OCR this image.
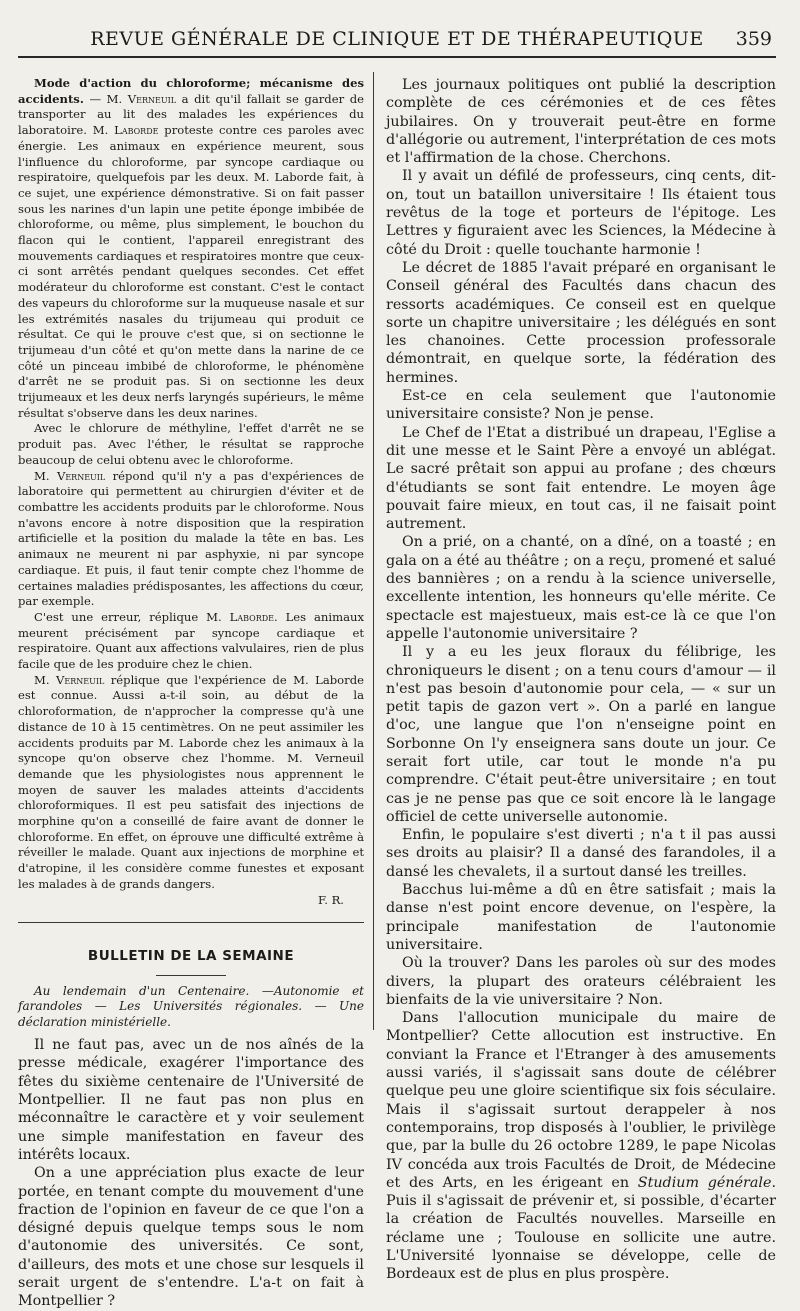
REVUE GÉNÉRALE DE CLINIQUE ET DE THÉRAPEUTIQUE	359

Mode d'action du chloroforme; mécanisme des accidents. — M. Verneuil a dit qu'il fallait se garder de transporter au lit des malades les expériences du laboratoire. M. Laborde proteste contre ces paroles avec énergie. Les animaux en expérience meurent, sous l'influence du chloroforme, par syncope cardiaque ou respiratoire, quelquefois par les deux. M. Laborde fait, à ce sujet, une expérience démonstrative. Si on fait passer sous les narines d'un lapin une petite éponge imbibée de chloroforme, ou même, plus simplement, le bouchon du flacon qui le contient, l'appareil enregistrant des mouvements cardiaques et respiratoires montre que ceux-ci sont arrêtés pendant quelques secondes. Cet effet modérateur du chloroforme est constant. C'est le contact des vapeurs du chloroforme sur la muqueuse nasale et sur les extrémités nasales du trijumeau qui produit ce résultat. Ce qui le prouve c'est que, si on sectionne le trijumeau d'un côté et qu'on mette dans la narine de ce côté un pinceau imbibé de chloroforme, le phénomène d'arrêt ne se produit pas. Si on sectionne les deux trijumeaux et les deux nerfs laryngés supérieurs, le même résultat s'observe dans les deux narines.

Avec le chlorure de méthyline, l'effet d'arrêt ne se produit pas. Avec l'éther, le résultat se rapproche beaucoup de celui obtenu avec le chloroforme.

M. Verneuil répond qu'il n'y a pas d'expériences de laboratoire qui permettent au chirurgien d'éviter et de combattre les accidents produits par le chloroforme. Nous n'avons encore à notre disposition que la respiration artificielle et la position du malade la tête en bas. Les animaux ne meurent ni par asphyxie, ni par syncope cardiaque. Et puis, il faut tenir compte chez l'homme de certaines maladies prédisposantes, les affections du cœur, par exemple.

C'est une erreur, réplique M. Laborde. Les animaux meurent précisément par syncope cardiaque et respiratoire. Quant aux affections valvulaires, rien de plus facile que de les produire chez le chien.

M. Verneuil réplique que l'expérience de M. Laborde est connue. Aussi a-t-il soin, au début de la chloroformation, de n'approcher la compresse qu'à une distance de 10 à 15 centimètres. On ne peut assimiler les accidents produits par M. Laborde chez les animaux à la syncope qu'on observe chez l'homme. M. Verneuil demande que les physiologistes nous apprennent le moyen de sauver les malades atteints d'accidents chloroformiques. Il est peu satisfait des injections de morphine qu'on a conseillé de faire avant de donner le chloroforme. En effet, on éprouve une difficulté extrême à réveiller le malade. Quant aux injections de morphine et d'atropine, il les considère comme funestes et exposant les malades à de grands dangers.

F. R.

BULLETIN DE LA SEMAINE

Au lendemain d'un Centenaire. —Autonomie et farandoles — Les Universités régionales. — Une déclaration ministérielle.

Il ne faut pas, avec un de nos aînés de la presse médicale, exagérer l'importance des fêtes du sixième centenaire de l'Université de Montpellier. Il ne faut pas non plus en méconnaître le caractère et y voir seulement une simple manifestation en faveur des intérêts locaux.

On a une appréciation plus exacte de leur portée, en tenant compte du mouvement d'une fraction de l'opinion en faveur de ce que l'on a désigné depuis quelque temps sous le nom d'autonomie des universités. Ce sont, d'ailleurs, des mots et une chose sur lesquels il serait urgent de s'entendre. L'a-t on fait à Montpellier ?

Les journaux politiques ont publié la description complète de ces cérémonies et de ces fêtes jubilaires. On y trouverait peut-être en forme d'allégorie ou autrement, l'interprétation de ces mots et l'affirmation de la chose. Cherchons.

Il y avait un défilé de professeurs, cinq cents, dit-on, tout un bataillon universitaire ! Ils étaient tous revêtus de la toge et porteurs de l'épitoge. Les Lettres y figuraient avec les Sciences, la Médecine à côté du Droit : quelle touchante harmonie !

Le décret de 1885 l'avait préparé en organisant le Conseil général des Facultés dans chacun des ressorts académiques. Ce conseil est en quelque sorte un chapitre universitaire ; les délégués en sont les chanoines. Cette procession professorale démontrait, en quelque sorte, la fédération des hermines.

Est-ce en cela seulement que l'autonomie universitaire consiste? Non je pense.

Le Chef de l'Etat a distribué un drapeau, l'Eglise a dit une messe et le Saint Père a envoyé un ablégat. Le sacré prêtait son appui au profane ; des chœurs d'étudiants se sont fait entendre. Le moyen âge pouvait faire mieux, en tout cas, il ne faisait point autrement.

On a prié, on a chanté, on a dîné, on a toasté ; en gala on a été au théâtre ; on a reçu, promené et salué des bannières ; on a rendu à la science universelle, excellente intention, les honneurs qu'elle mérite. Ce spectacle est majestueux, mais est-ce là ce que l'on appelle l'autonomie universitaire ?

Il y a eu les jeux floraux du félibrige, les chroniqueurs le disent ; on a tenu cours d'amour — il n'est pas besoin d'autonomie pour cela, — « sur un petit tapis de gazon vert ». On a parlé en langue d'oc, une langue que l'on n'enseigne point en Sorbonne On l'y enseignera sans doute un jour. Ce serait fort utile, car tout le monde n'a pu comprendre. C'était peut-être universitaire ; en tout cas je ne pense pas que ce soit encore là le langage officiel de cette universelle autonomie.

Enfin, le populaire s'est diverti ; n'a t il pas aussi ses droits au plaisir? Il a dansé des farandoles, il a dansé les chevalets, il a surtout dansé les treilles.

Bacchus lui-même a dû en être satisfait ; mais la danse n'est point encore devenue, on l'espère, la principale manifestation de l'autonomie universitaire.

Où la trouver? Dans les paroles où sur des modes divers, la plupart des orateurs célébraient les bienfaits de la vie universitaire ? Non.

Dans l'allocution municipale du maire de Montpellier? Cette allocution est instructive. En conviant la France et l'Etranger à des amusements aussi variés, il s'agissait sans doute de célébrer quelque peu une gloire scientifique six fois séculaire. Mais il s'agissait surtout derappeler à nos contemporains, trop disposés à l'oublier, le privilège que, par la bulle du 26 octobre 1289, le pape Nicolas IV concéda aux trois Facultés de Droit, de Médecine et des Arts, en les érigeant en Studium générale. Puis il s'agissait de prévenir et, si possible, d'écarter la création de Facultés nouvelles. Marseille en réclame une ; Toulouse en sollicite une autre. L'Université lyonnaise se développe, celle de Bordeaux est de plus en plus prospère.
